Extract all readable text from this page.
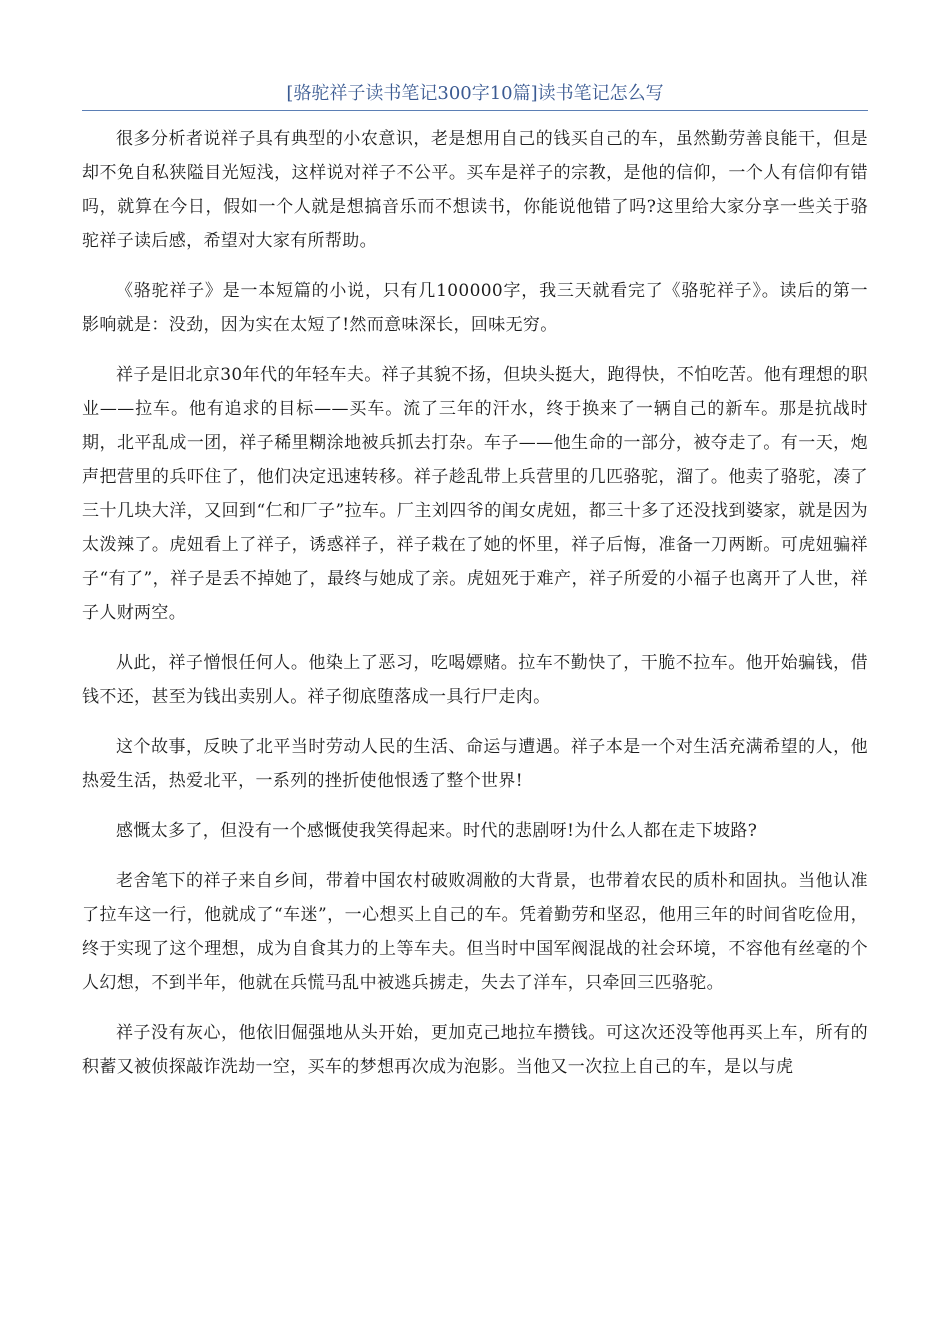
[骆驼祥子读书笔记300字10篇]读书笔记怎么写

很多分析者说祥子具有典型的小农意识，老是想用自己的钱买自己的车，虽然勤劳善良能干，但是却不免自私狭隘目光短浅，这样说对祥子不公平。买车是祥子的宗教，是他的信仰，一个人有信仰有错吗，就算在今日，假如一个人就是想搞音乐而不想读书，你能说他错了吗?这里给大家分享一些关于骆驼祥子读后感，希望对大家有所帮助。

《骆驼祥子》是一本短篇的小说，只有几100000字，我三天就看完了《骆驼祥子》。读后的第一影响就是：没劲，因为实在太短了!然而意味深长，回味无穷。

祥子是旧北京30年代的年轻车夫。祥子其貌不扬，但块头挺大，跑得快，不怕吃苦。他有理想的职业——拉车。他有追求的目标——买车。流了三年的汗水，终于换来了一辆自己的新车。那是抗战时期，北平乱成一团，祥子稀里糊涂地被兵抓去打杂。车子——他生命的一部分，被夺走了。有一天，炮声把营里的兵吓住了，他们决定迅速转移。祥子趁乱带上兵营里的几匹骆驼，溜了。他卖了骆驼，凑了三十几块大洋，又回到“仁和厂子”拉车。厂主刘四爷的闺女虎妞，都三十多了还没找到婆家，就是因为太泼辣了。虎妞看上了祥子，诱惑祥子，祥子栽在了她的怀里，祥子后悔，准备一刀两断。可虎妞骗祥子“有了”，祥子是丢不掉她了，最终与她成了亲。虎妞死于难产，祥子所爱的小福子也离开了人世，祥子人财两空。

从此，祥子憎恨任何人。他染上了恶习，吃喝嫖赌。拉车不勤快了，干脆不拉车。他开始骗钱，借钱不还，甚至为钱出卖别人。祥子彻底堕落成一具行尸走肉。

这个故事，反映了北平当时劳动人民的生活、命运与遭遇。祥子本是一个对生活充满希望的人，他热爱生活，热爱北平，一系列的挫折使他恨透了整个世界!

感慨太多了，但没有一个感慨使我笑得起来。时代的悲剧呀!为什么人都在走下坡路?

老舍笔下的祥子来自乡间，带着中国农村破败凋敝的大背景，也带着农民的质朴和固执。当他认准了拉车这一行，他就成了“车迷”，一心想买上自己的车。凭着勤劳和坚忍，他用三年的时间省吃俭用，终于实现了这个理想，成为自食其力的上等车夫。但当时中国军阀混战的社会环境，不容他有丝毫的个人幻想，不到半年，他就在兵慌马乱中被逃兵掳走，失去了洋车，只牵回三匹骆驼。

祥子没有灰心，他依旧倔强地从头开始，更加克己地拉车攒钱。可这次还没等他再买上车，所有的积蓄又被侦探敲诈洗劫一空，买车的梦想再次成为泡影。当他又一次拉上自己的车，是以与虎
